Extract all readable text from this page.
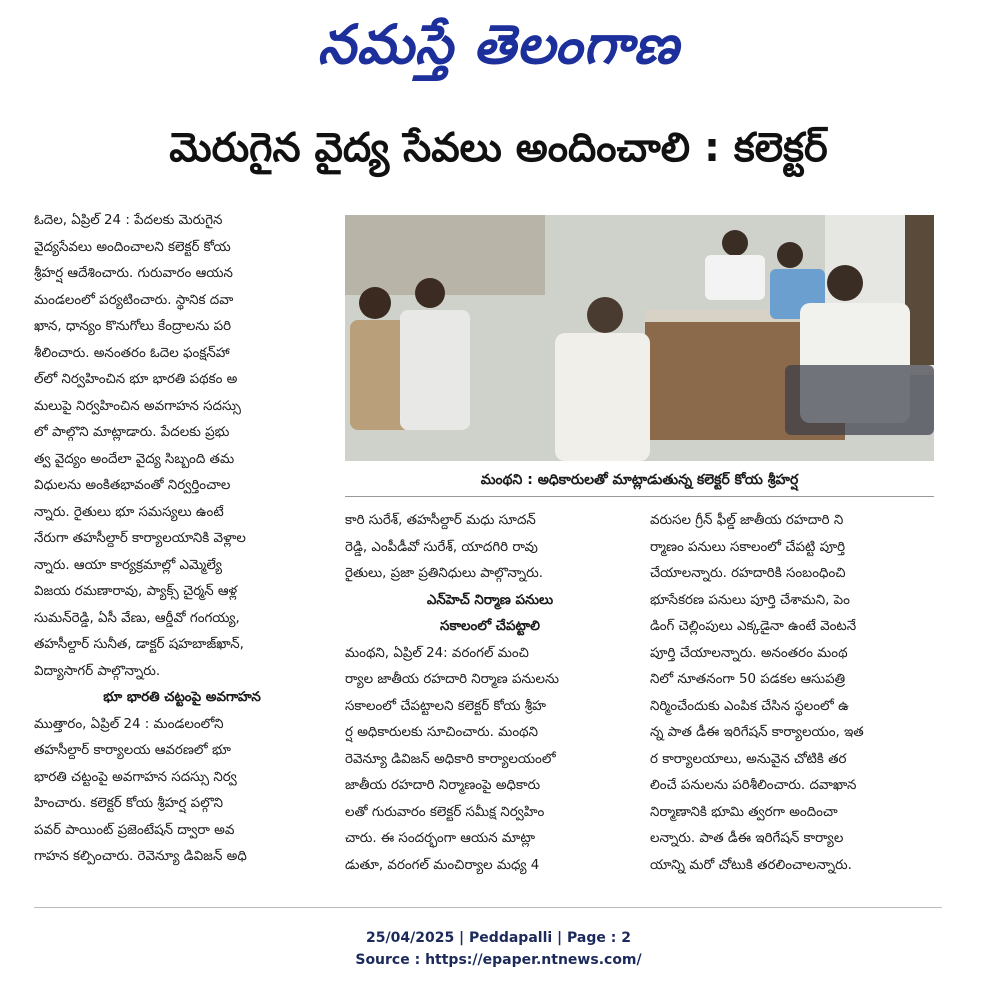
నమస్తే తెలంగాణ
మెరుగైన వైద్య సేవలు అందించాలి : కలెక్టర్
ఓదెల, ఏప్రిల్ 24 : పేదలకు మెరుగైన
వైద్యసేవలు అందించాలని కలెక్టర్ కోయ
శ్రీహర్ష ఆదేశించారు. గురువారం ఆయన
మండలంలో పర్యటించారు. స్థానిక దవా
ఖాన, ధాన్యం కొనుగోలు కేంద్రాలను పరి
శీలించారు. అనంతరం ఓదెల ఫంక్షన్‌హా
ల్‌లో నిర్వహించిన భూ భారతి పథకం అ
మలుపై నిర్వహించిన అవగాహన సదస్సు
లో పాల్గొని మాట్లాడారు. పేదలకు ప్రభు
త్వ వైద్యం అందేలా వైద్య సిబ్బంది తమ
విధులను అంకితభావంతో నిర్వర్తించాల
న్నారు. రైతులు భూ సమస్యలు ఉంటే
నేరుగా తహసీల్దార్ కార్యాలయానికి వెళ్లాల
న్నారు. ఆయా కార్యక్రమాల్లో ఎమ్మెల్యే
విజయ రమణారావు, ప్యాక్స్ చైర్మన్ ఆళ్ల
సుమన్‌రెడ్డి, ఏసీ వేణు, ఆర్డీవో గంగయ్య,
తహసీల్దార్ సునీత, డాక్టర్ షహబాజ్‌ఖాన్,
విద్యాసాగర్ పాల్గొన్నారు.
భూ భారతి చట్టంపై అవగాహన
ముత్తారం, ఏప్రిల్ 24 : మండలంలోని
తహసీల్దార్ కార్యాలయ ఆవరణలో భూ
భారతి చట్టంపై అవగాహన సదస్సు నిర్వ
హించారు. కలెక్టర్ కోయ శ్రీహర్ష పల్గొని
పవర్ పాయింట్ ప్రజెంటేషన్ ద్వారా అవ
గాహన కల్పించారు. రెవెన్యూ డివిజన్ అధి
మంథని : అధికారులతో మాట్లాడుతున్న కలెక్టర్ కోయ శ్రీహర్ష
కారి సురేశ్, తహసీల్దార్ మధు సూదన్
రెడ్డి, ఎంపీడీవో సురేశ్, యాదగిరి రావు
రైతులు, ప్రజా ప్రతినిధులు పాల్గొన్నారు.
ఎన్‌హెచ్ నిర్మాణ పనులు
సకాలంలో చేపట్టాలి
మంథని, ఏప్రిల్ 24: వరంగల్ మంచి
ర్యాల జాతీయ రహదారి నిర్మాణ పనులను
సకాలంలో చేపట్టాలని కలెక్టర్ కోయ శ్రీహ
ర్ష అధికారులకు సూచించారు. మంథని
రెవెన్యూ డివిజన్ అధికారి కార్యాలయంలో
జాతీయ రహదారి నిర్మాణంపై అధికారు
లతో గురువారం కలెక్టర్ సమీక్ష నిర్వహిం
చారు. ఈ సందర్భంగా ఆయన మాట్లా
డుతూ, వరంగల్ మంచిర్యాల మధ్య 4
వరుసల గ్రీన్ ఫీల్డ్ జాతీయ రహదారి ని
ర్మాణం పనులు సకాలంలో చేపట్టి పూర్తి
చేయాలన్నారు. రహదారికి సంబంధించి
భూసేకరణ పనులు పూర్తి చేశామని, పెం
డింగ్ చెల్లింపులు ఎక్కడైనా ఉంటే వెంటనే
పూర్తి చేయాలన్నారు. అనంతరం మంథ
నిలో నూతనంగా 50 పడకల ఆసుపత్రి
నిర్మించేందుకు ఎంపిక చేసిన స్థలంలో ఉ
న్న పాత డీఈ ఇరిగేషన్ కార్యాలయం, ఇత
ర కార్యాలయాలు, అనువైన చోటికి తర
లించే పనులను పరిశీలించారు. దవాఖాన
నిర్మాణానికి భూమి త్వరగా అందించా
లన్నారు. పాత డీఈ ఇరిగేషన్ కార్యాల
యాన్ని మరో చోటుకి తరలించాలన్నారు.
25/04/2025 | Peddapalli | Page : 2
Source : https://epaper.ntnews.com/
